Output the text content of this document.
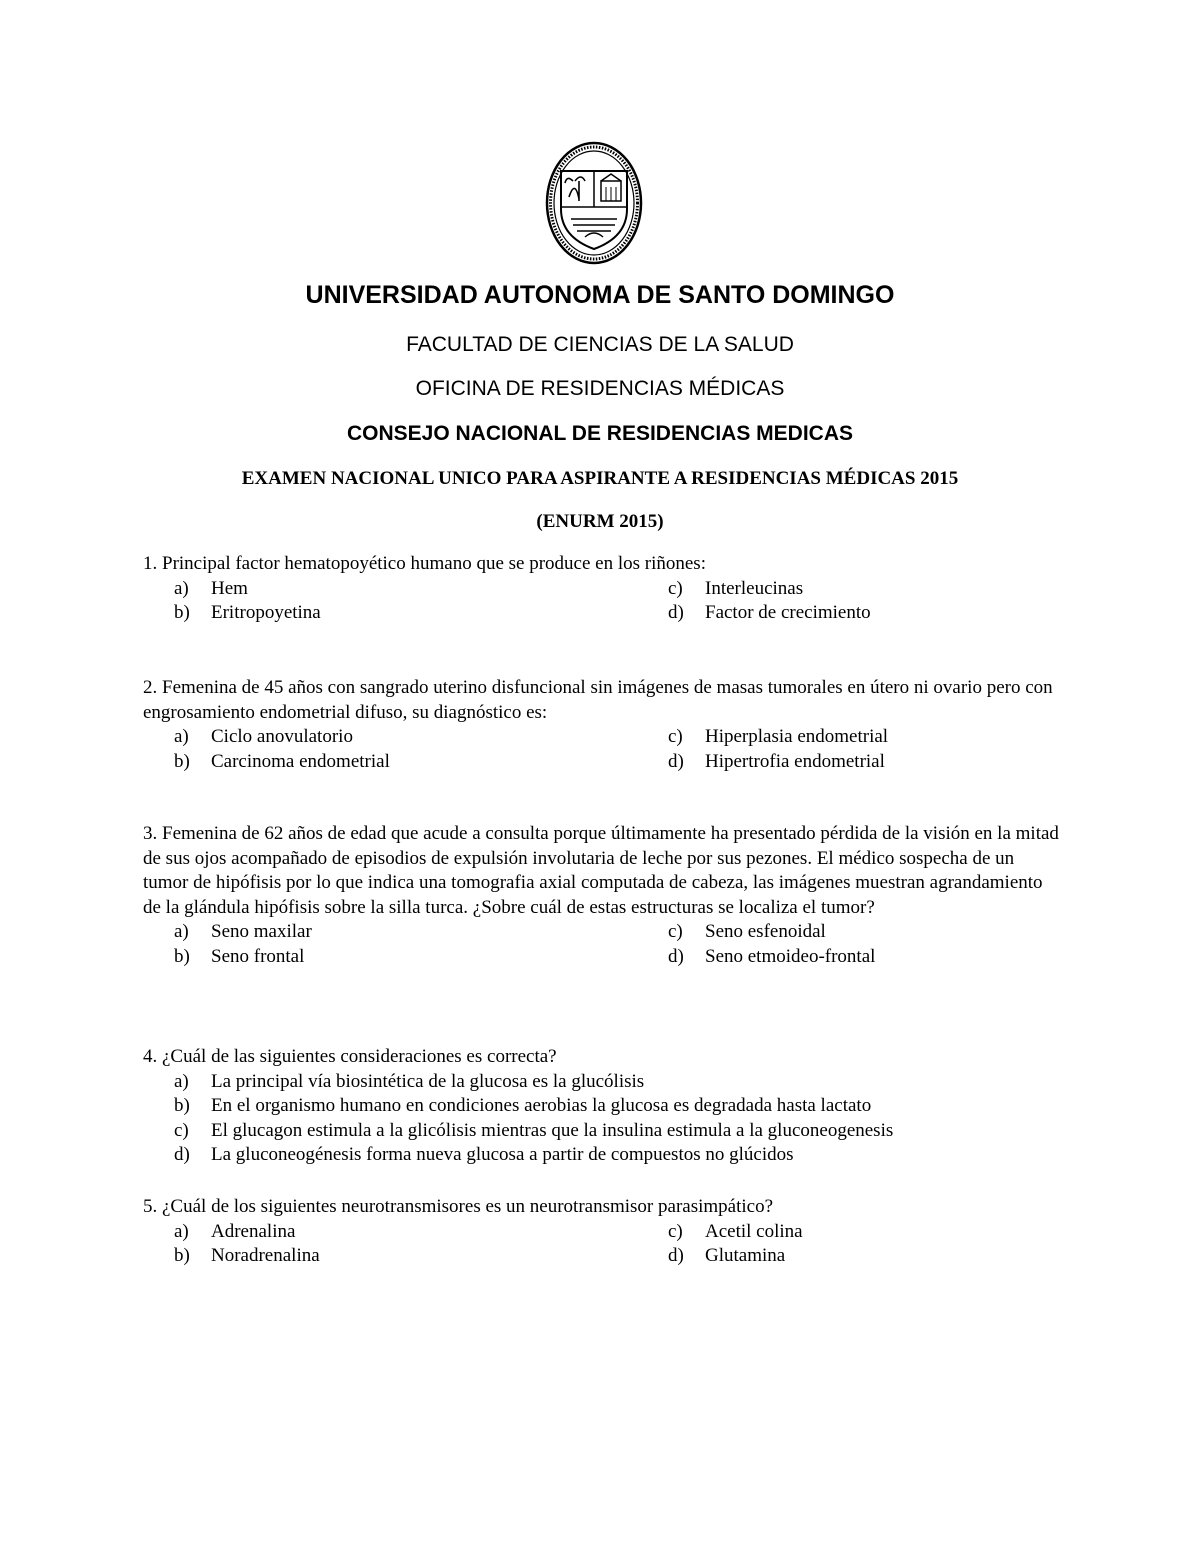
UNIVERSIDAD AUTONOMA DE SANTO DOMINGO
FACULTAD DE CIENCIAS DE LA SALUD
OFICINA DE RESIDENCIAS MÉDICAS
CONSEJO NACIONAL DE RESIDENCIAS MEDICAS
EXAMEN NACIONAL UNICO PARA ASPIRANTE A RESIDENCIAS MÉDICAS 2015
(ENURM 2015)

1. Principal factor hematopoyético humano que se produce en los riñones:

a)	Hem	c)	Interleucinas
b)	Eritropoyetina	d)	Factor de crecimiento

2. Femenina de 45 años con sangrado uterino disfuncional sin imágenes de masas tumorales en útero ni ovario pero con engrosamiento endometrial difuso, su diagnóstico es:

a)	Ciclo anovulatorio	c)	Hiperplasia endometrial
b)	Carcinoma endometrial	d)	Hipertrofia endometrial

3. Femenina de 62 años de edad que acude a consulta porque últimamente ha presentado pérdida de la visión en la mitad de sus ojos acompañado de episodios de expulsión involutaria de leche por sus pezones. El médico sospecha de un tumor de hipófisis por lo que indica una tomografia axial computada de cabeza, las imágenes muestran agrandamiento de la glándula hipófisis sobre la silla turca. ¿Sobre cuál de estas estructuras se localiza el tumor?

a)	Seno maxilar	c)	Seno esfenoidal
b)	Seno frontal	d)	Seno etmoideo-frontal

4. ¿Cuál de las siguientes consideraciones es correcta?

a)	La principal vía biosintética de la glucosa es la glucólisis
b)	En el organismo humano en condiciones aerobias la glucosa es degradada hasta lactato
c)	El glucagon estimula a la glicólisis mientras que la insulina estimula a la gluconeogenesis
d)	La gluconeogénesis forma nueva glucosa a partir de compuestos no glúcidos

5. ¿Cuál de los siguientes neurotransmisores es un neurotransmisor parasimpático?

a)	Adrenalina	c)	Acetil colina
b)	Noradrenalina	d)	Glutamina
